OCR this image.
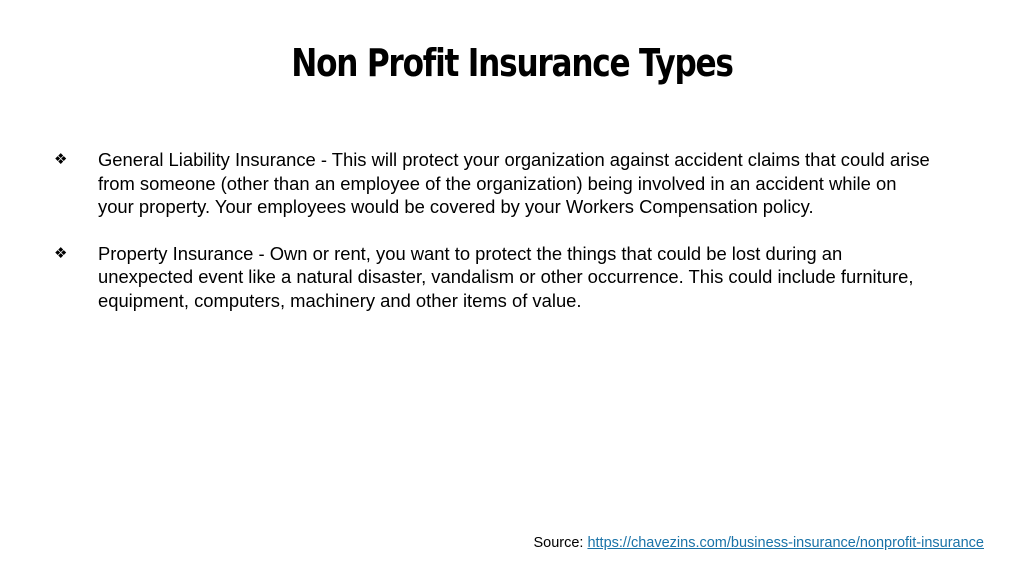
Non Profit Insurance Types
❖	General Liability Insurance - This will protect your organization against accident claims that could arise from someone (other than an employee of the organization) being involved in an accident while on your property. Your employees would be covered by your Workers Compensation policy.
❖	Property Insurance - Own or rent, you want to protect the things that could be lost during an unexpected event like a natural disaster, vandalism or other occurrence. This could include furniture, equipment, computers, machinery and other items of value.
Source: https://chavezins.com/business-insurance/nonprofit-insurance
